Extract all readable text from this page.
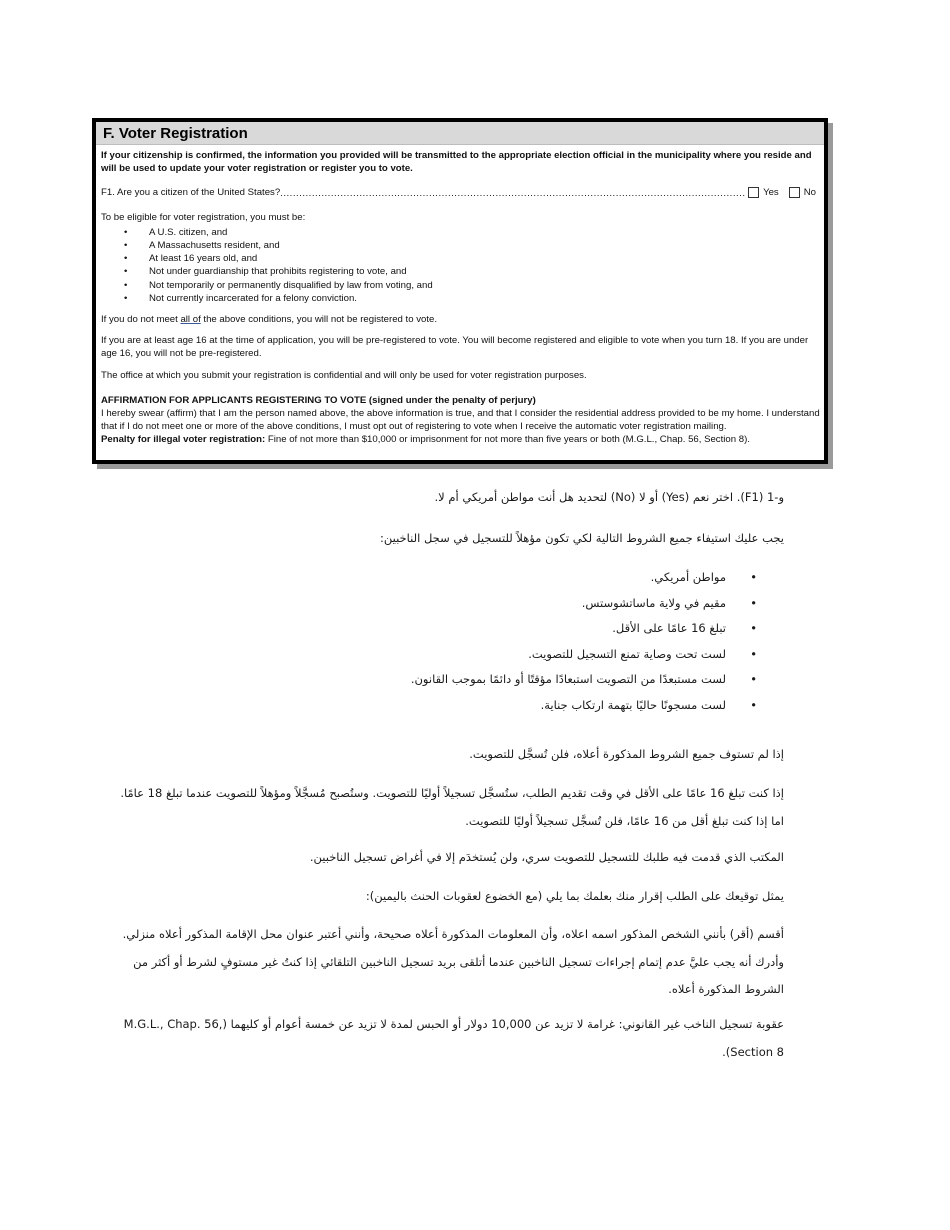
F. Voter Registration
If your citizenship is confirmed, the information you provided will be transmitted to the appropriate election official in the municipality where you reside and will be used to update your voter registration or register you to vote.
F1. Are you a citizen of the United States?
.....	Yes	No
To be eligible for voter registration, you must be:
• A U.S. citizen, and
• A Massachusetts resident, and
• At least 16 years old, and
• Not under guardianship that prohibits registering to vote, and
• Not temporarily or permanently disqualified by law from voting, and
• Not currently incarcerated for a felony conviction.
If you do not meet all of the above conditions, you will not be registered to vote.
If you are at least age 16 at the time of application, you will be pre-registered to vote. You will become registered and eligible to vote when you turn 18. If you are under age 16, you will not be pre-registered.
The office at which you submit your registration is confidential and will only be used for voter registration purposes.
AFFIRMATION FOR APPLICANTS REGISTERING TO VOTE (signed under the penalty of perjury)
I hereby swear (affirm) that I am the person named above, the above information is true, and that I consider the residential address provided to be my home. I understand that if I do not meet one or more of the above conditions, I must opt out of registering to vote when I receive the automatic voter registration mailing.
Penalty for illegal voter registration: Fine of not more than $10,000 or imprisonment for not more than five years or both (M.G.L., Chap. 56, Section 8).
و-1 (F1). اختر نعم (Yes) أو لا (No) لتحديد هل أنت مواطن أمريكي أم لا.
يجب عليك استيفاء جميع الشروط التالية لكي تكون مؤهلاً للتسجيل في سجل الناخبين:
• مواطن أمريكي.
• مقيم في ولاية ماساتشوستس.
• تبلغ 16 عامًا على الأقل.
• لست تحت وصاية تمنع التسجيل للتصويت.
• لست مستبعدًا من التصويت استبعادًا مؤقتًا أو دائمًا بموجب القانون.
• لست مسجونًا حاليًا بتهمة ارتكاب جناية.
إذا لم تستوف جميع الشروط المذكورة أعلاه، فلن تُسجَّل للتصويت.
إذا كنت تبلغ 16 عامًا على الأقل في وقت تقديم الطلب، ستُسجَّل تسجيلاً أوليًا للتصويت. وستُصبح مُسجَّلاً ومؤهلاً للتصويت عندما تبلغ 18 عامًا. اما إذا كنت تبلغ أقل من 16 عامًا، فلن تُسجَّل تسجيلاً أوليًا للتصويت.
المكتب الذي قدمت فيه طلبك للتسجيل للتصويت سري، ولن يُستخدَم إلا في أغراض تسجيل الناخبين.
يمثل توقيعك على الطلب إقرار منك بعلمك بما يلي (مع الخضوع لعقوبات الحنث باليمين):
أقسم (أقر) بأنني الشخص المذكور اسمه اعلاه، وأن المعلومات المذكورة أعلاه صحيحة، وأنني أعتبر عنوان محل الإقامة المذكور أعلاه منزلي. وأدرك أنه يجب عليَّ عدم إتمام إجراءات تسجيل الناخبين عندما أتلقى بريد تسجيل الناخبين التلقائي إذا كنتُ غير مستوفٍ لشرط أو أكثر من الشروط المذكورة أعلاه.
عقوبة تسجيل الناخب غير القانوني: غرامة لا تزيد عن 10,000 دولار أو الحبس لمدة لا تزيد عن خمسة أعوام أو كليهما (M.G.L., Chap. 56, Section 8).
